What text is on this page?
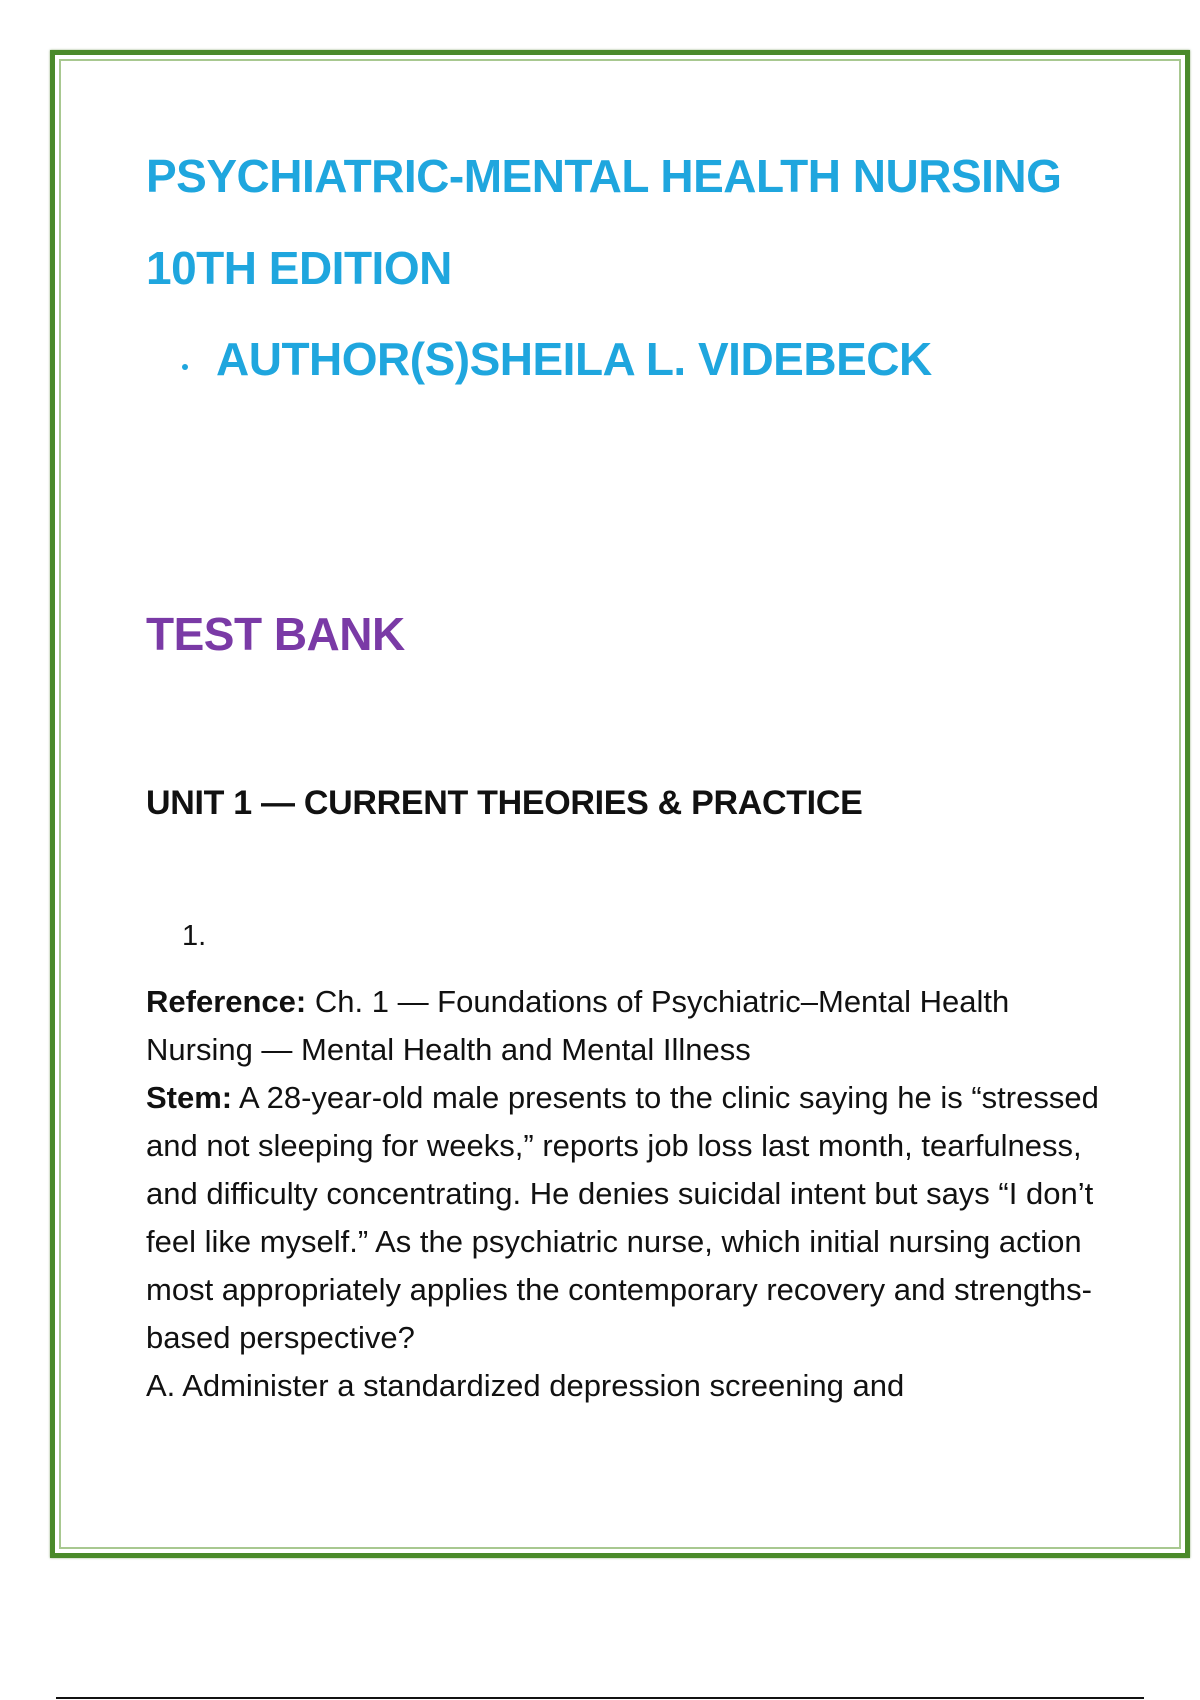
PSYCHIATRIC-MENTAL HEALTH NURSING
10TH EDITION
AUTHOR(S)SHEILA L. VIDEBECK
TEST BANK
UNIT 1 — CURRENT THEORIES & PRACTICE
1.

Reference: Ch. 1 — Foundations of Psychiatric–Mental Health Nursing — Mental Health and Mental Illness

Stem: A 28-year-old male presents to the clinic saying he is “stressed and not sleeping for weeks,” reports job loss last month, tearfulness, and difficulty concentrating. He denies suicidal intent but says “I don’t feel like myself.” As the psychiatric nurse, which initial nursing action most appropriately applies the contemporary recovery and strengths-based perspective?

A. Administer a standardized depression screening and
